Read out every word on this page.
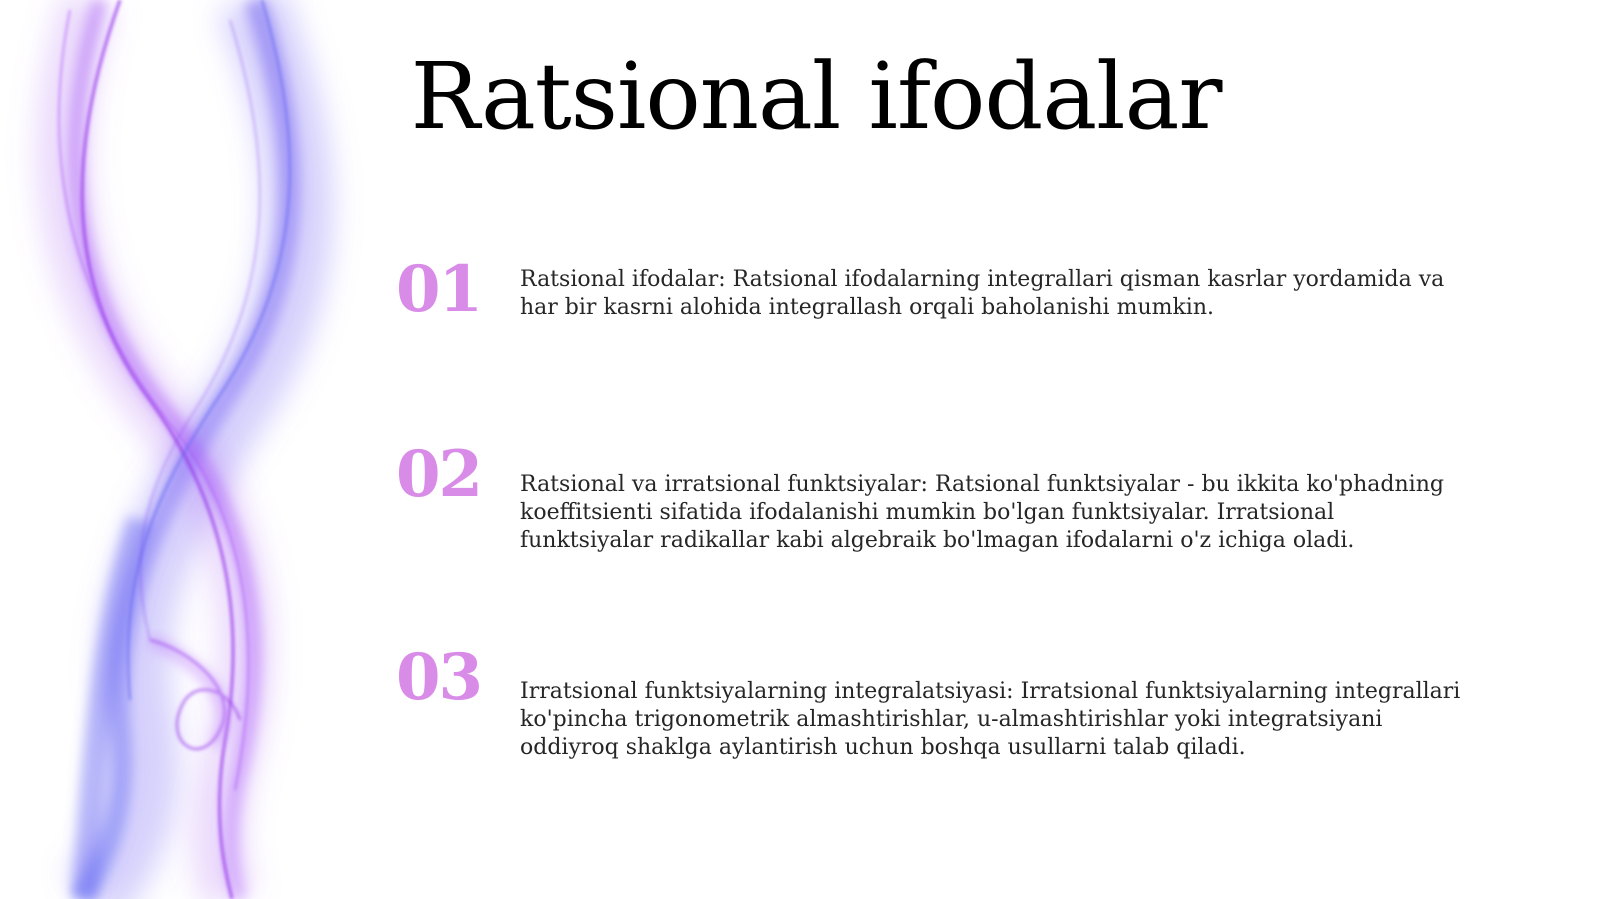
Ratsional ifodalar
01 Ratsional ifodalar: Ratsional ifodalarning integrallari qisman kasrlar yordamida va har bir kasrni alohida integrallash orqali baholanishi mumkin.

02 Ratsional va irratsional funktsiyalar: Ratsional funktsiyalar - bu ikkita ko'phadning koeffitsienti sifatida ifodalanishi mumkin bo'lgan funktsiyalar. Irratsional funktsiyalar radikallar kabi algebraik bo'lmagan ifodalarni o'z ichiga oladi.

03 Irratsional funktsiyalarning integralatsiyasi: Irratsional funktsiyalarning integrallari ko'pincha trigonometrik almashtirishlar, u-almashtirishlar yoki integratsiyani oddiyroq shaklga aylantirish uchun boshqa usullarni talab qiladi.
